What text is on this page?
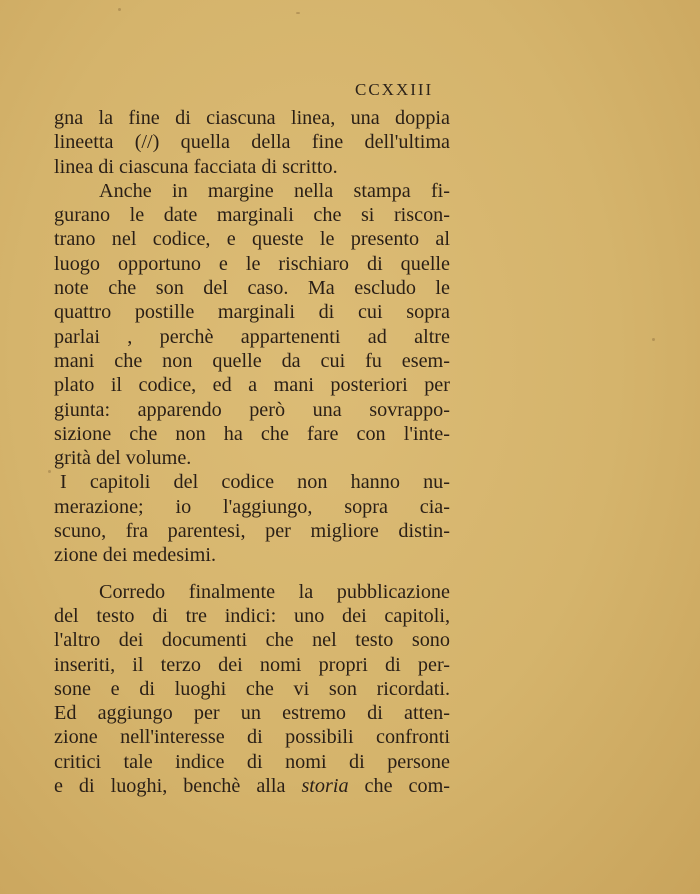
CCXXIII
gna la fine di ciascuna linea, una doppia
lineetta (//) quella della fine dell'ultima
linea di ciascuna facciata di scritto.
Anche in margine nella stampa fi-
gurano le date marginali che si riscon-
trano nel codice, e queste le presento al
luogo opportuno e le rischiaro di quelle
note che son del caso. Ma escludo le
quattro postille marginali di cui sopra
parlai , perchè appartenenti ad altre
mani che non quelle da cui fu esem-
plato il codice, ed a mani posteriori per
giunta: apparendo però una sovrappo-
sizione che non ha che fare con l'inte-
grità del volume.
I capitoli del codice non hanno nu-
merazione; io l'aggiungo, sopra cia-
scuno, fra parentesi, per migliore distin-
zione dei medesimi.
Corredo finalmente la pubblicazione
del testo di tre indici: uno dei capitoli,
l'altro dei documenti che nel testo sono
inseriti, il terzo dei nomi propri di per-
sone e di luoghi che vi son ricordati.
Ed aggiungo per un estremo di atten-
zione nell'interesse di possibili confronti
critici tale indice di nomi di persone
e di luoghi, benchè alla storia che com-
